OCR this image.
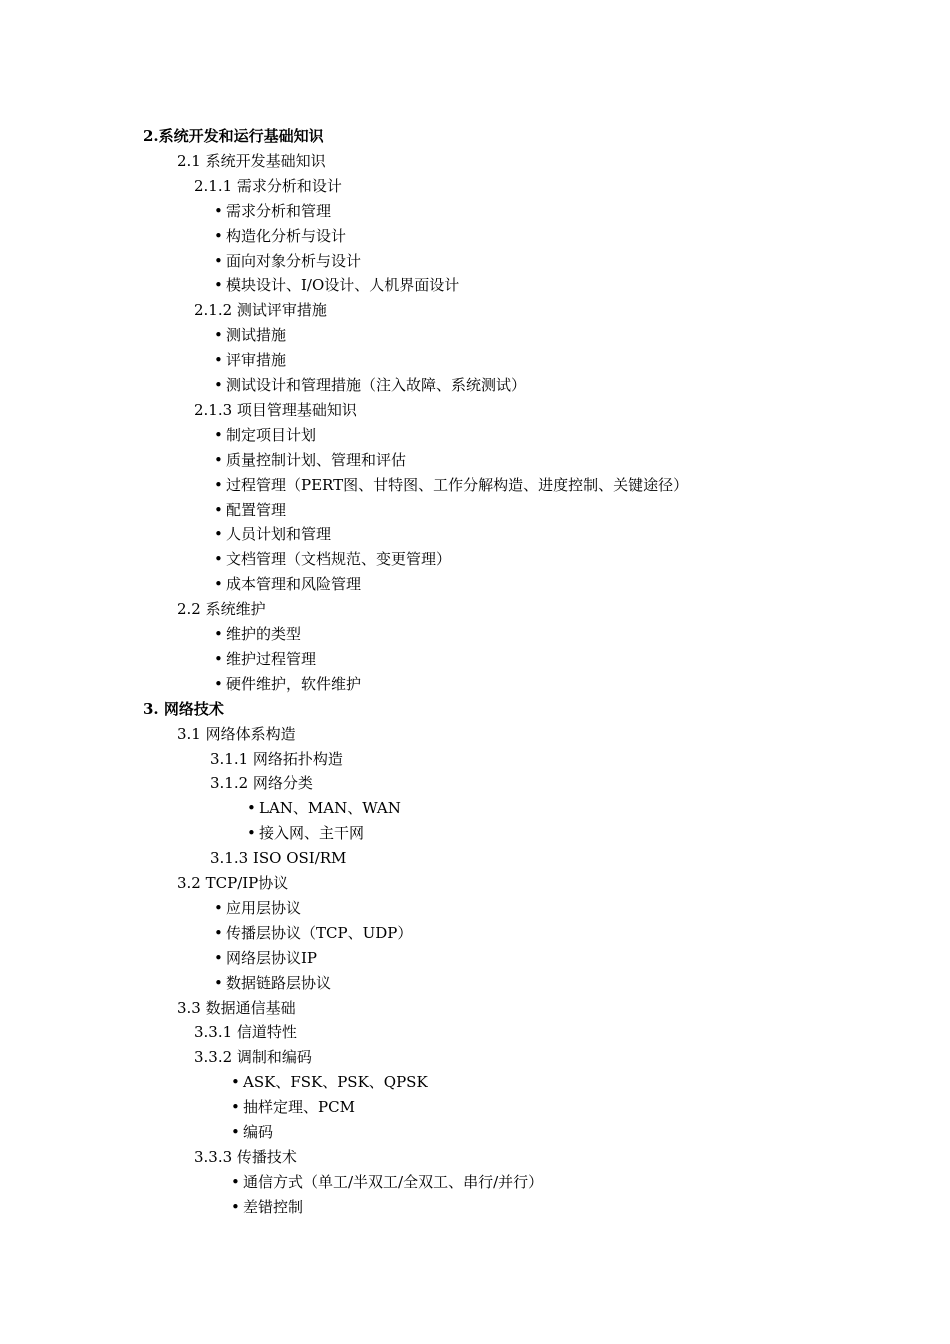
2.系统开发和运行基础知识
2.1 系统开发基础知识
2.1.1 需求分析和设计
• 需求分析和管理
• 构造化分析与设计
• 面向对象分析与设计
• 模块设计、I/O设计、人机界面设计
2.1.2 测试评审措施
• 测试措施
• 评审措施
• 测试设计和管理措施（注入故障、系统测试）
2.1.3 项目管理基础知识
• 制定项目计划
• 质量控制计划、管理和评估
• 过程管理（PERT图、甘特图、工作分解构造、进度控制、关键途径）
• 配置管理
• 人员计划和管理
• 文档管理（文档规范、变更管理）
• 成本管理和风险管理
2.2 系统维护
• 维护的类型
• 维护过程管理
• 硬件维护，软件维护
3. 网络技术
3.1 网络体系构造
3.1.1 网络拓扑构造
3.1.2 网络分类
• LAN、MAN、WAN
• 接入网、主干网
3.1.3 ISO OSI/RM
3.2 TCP/IP协议
• 应用层协议
• 传播层协议（TCP、UDP）
• 网络层协议IP
• 数据链路层协议
3.3 数据通信基础
3.3.1 信道特性
3.3.2 调制和编码
• ASK、FSK、PSK、QPSK
• 抽样定理、PCM
• 编码
3.3.3 传播技术
• 通信方式（单工/半双工/全双工、串行/并行）
• 差错控制
